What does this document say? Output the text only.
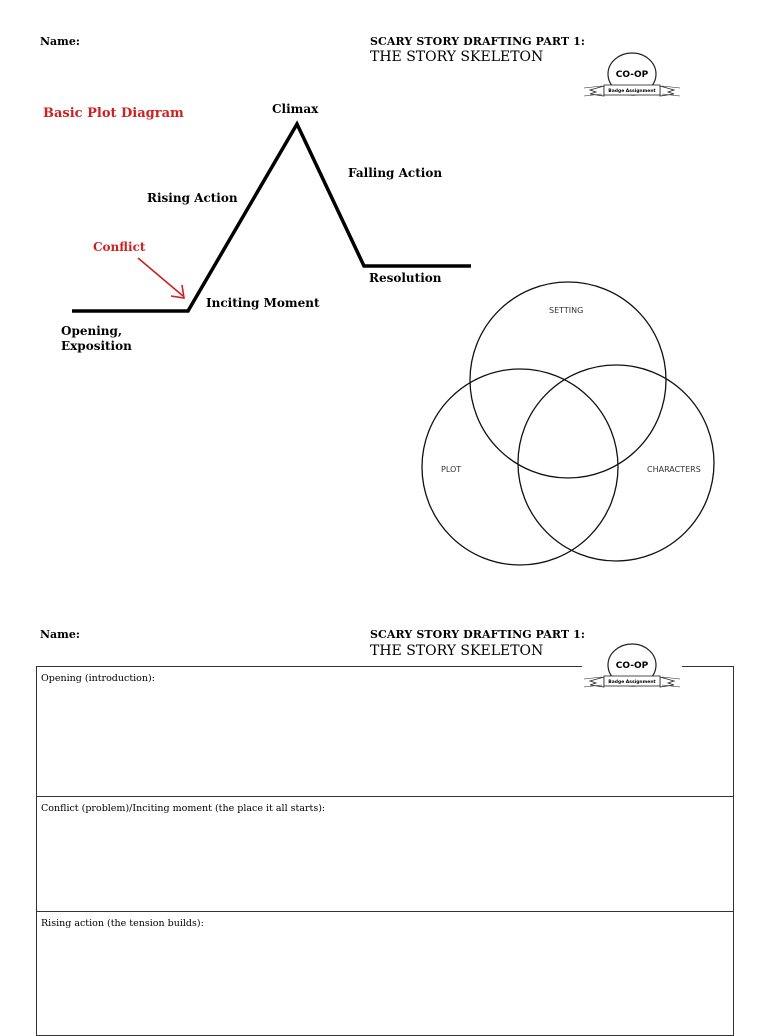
Name:	SCARY STORY DRAFTING PART 1:
THE STORY SKELETON
CO-OP
Badge Assignment
Basic Plot Diagram	Climax
Falling Action
Rising Action
Conflict
Resolution
Inciting Moment
Opening,
Exposition
SETTING
PLOT	CHARACTERS
Name:	SCARY STORY DRAFTING PART 1:
THE STORY SKELETON
Opening (introduction):
Conflict (problem)/Inciting moment (the place it all starts):
Rising action (the tension builds):
CO-OP
Badge Assignment
